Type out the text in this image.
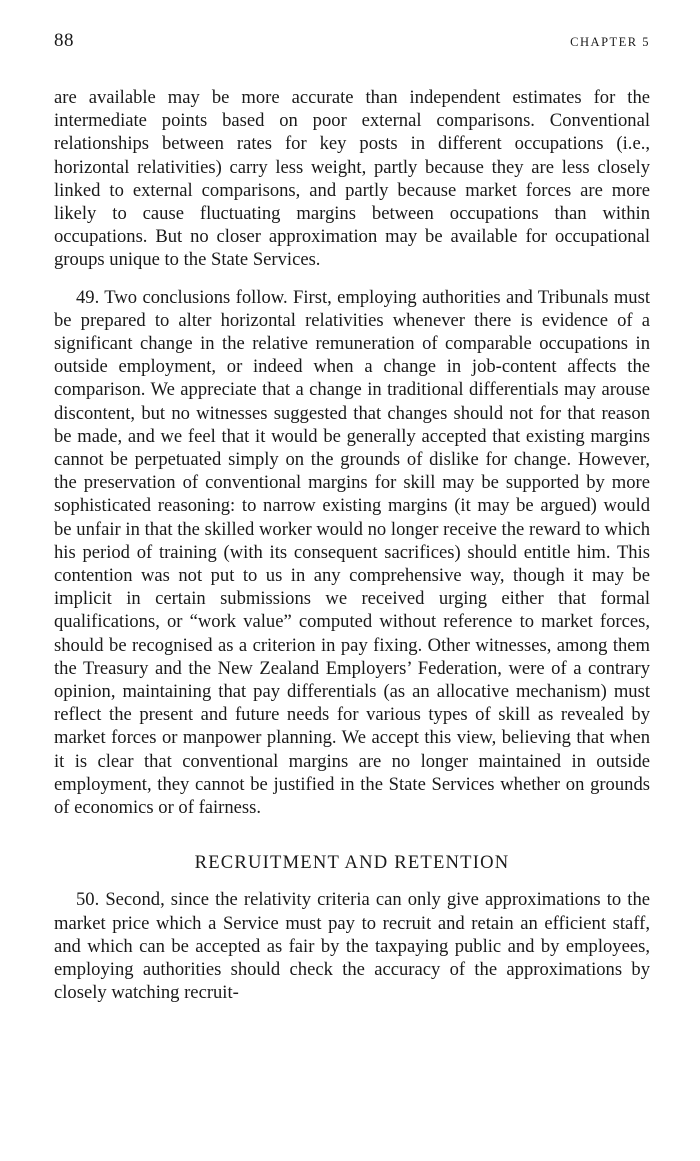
88	CHAPTER 5

are available may be more accurate than independent estimates for the intermediate points based on poor external comparisons. Conventional relationships between rates for key posts in different occupations (i.e., horizontal relativities) carry less weight, partly because they are less closely linked to external comparisons, and partly because market forces are more likely to cause fluctuating margins between occupations than within occupations. But no closer approximation may be available for occupational groups unique to the State Services.

49. Two conclusions follow. First, employing authorities and Tribunals must be prepared to alter horizontal relativities whenever there is evidence of a significant change in the relative remuneration of comparable occupations in outside employment, or indeed when a change in job-content affects the comparison. We appreciate that a change in traditional differentials may arouse discontent, but no witnesses suggested that changes should not for that reason be made, and we feel that it would be generally accepted that existing margins cannot be perpetuated simply on the grounds of dislike for change. However, the preservation of conventional margins for skill may be supported by more sophisticated reasoning: to narrow existing margins (it may be argued) would be unfair in that the skilled worker would no longer receive the reward to which his period of training (with its consequent sacrifices) should entitle him. This contention was not put to us in any comprehensive way, though it may be implicit in certain submissions we received urging either that formal qualifications, or “work value” computed without reference to market forces, should be recognised as a criterion in pay fixing. Other witnesses, among them the Treasury and the New Zealand Employers’ Federation, were of a contrary opinion, maintaining that pay differentials (as an allocative mechanism) must reflect the present and future needs for various types of skill as revealed by market forces or manpower planning. We accept this view, believing that when it is clear that conventional margins are no longer maintained in outside employment, they cannot be justified in the State Services whether on grounds of economics or of fairness.

RECRUITMENT AND RETENTION

50. Second, since the relativity criteria can only give approximations to the market price which a Service must pay to recruit and retain an efficient staff, and which can be accepted as fair by the taxpaying public and by employees, employing authorities should check the accuracy of the approximations by closely watching recruit-
